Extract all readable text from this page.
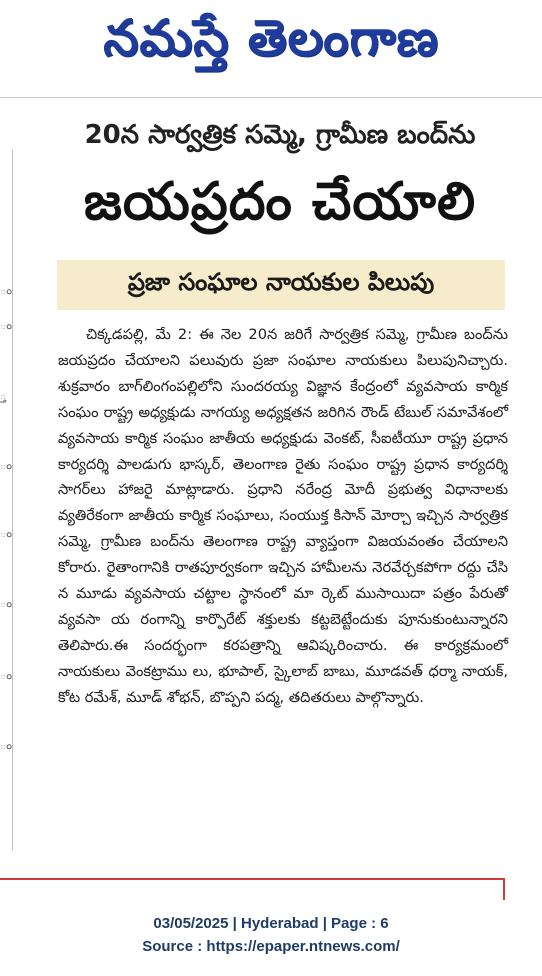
నమస్తే తెలంగాణ
ం
ం
్త
ం
ం
ం
ం
ం
20న సార్వత్రిక సమ్మె, గ్రామీణ బంద్‌ను
జయప్రదం చేయాలి
ప్రజా సంఘాల నాయకుల పిలుపు

చిక్కడపల్లి, మే 2: ఈ నెల 20న జరిగే సార్వత్రిక సమ్మె, గ్రామీణ బంద్‌ను జయప్రదం చేయాలని పలువురు ప్రజా సంఘాల నాయకులు పిలుపునిచ్చారు. శుక్రవారం బాగ్‌లింగంపల్లిలోని సుందరయ్య విజ్ఞాన కేంద్రంలో వ్యవసాయ కార్మిక సంఘం రాష్ట్ర అధ్యక్షుడు నాగయ్య అధ్యక్షతన జరిగిన రౌండ్ టేబుల్ సమావేశంలో వ్యవసాయ కార్మిక సంఘం జాతీయ అధ్యక్షుడు వెంకట్, సీఐటీయూ రాష్ట్ర ప్రధాన కార్యదర్శి పాలడుగు భాస్కర్, తెలంగాణ రైతు సంఘం రాష్ట్ర ప్రధాన కార్యదర్శి సాగర్‌లు హాజరై మాట్లాడారు. ప్రధాని నరేంద్ర మోదీ ప్రభుత్వ విధానాలకు వ్యతిరేకంగా జాతీయ కార్మిక సంఘాలు, సంయుక్త కిసాన్ మోర్చా ఇచ్చిన సార్వత్రిక సమ్మె, గ్రామీణ బంద్‌ను తెలంగాణ రాష్ట్ర వ్యాప్తంగా విజయవంతం చేయాలని కోరారు. రైతాంగానికి రాతపూర్వకంగా ఇచ్చిన హామీలను నెరవేర్చకపోగా రద్దు చేసి న మూడు వ్యవసాయ చట్టాల స్థానంలో మా ర్కెట్ ముసాయిదా పత్రం పేరుతో వ్యవసా య రంగాన్ని కార్పొరేట్ శక్తులకు కట్టబెట్టేందుకు పూనుకుంటున్నారని తెలిపారు.ఈ సందర్భంగా కరపత్రాన్ని ఆవిష్కరించారు. ఈ కార్యక్రమంలో నాయకులు వెంకట్రాము లు, భూపాల్, స్కైలాబ్ బాబు, మూడవత్ ధర్మా నాయక్, కోట రమేశ్, మూడ్ శోభన్, బొప్పని పద్మ, తదితరులు పాల్గొన్నారు.

03/05/2025 | Hyderabad | Page : 6
Source : https://epaper.ntnews.com/
